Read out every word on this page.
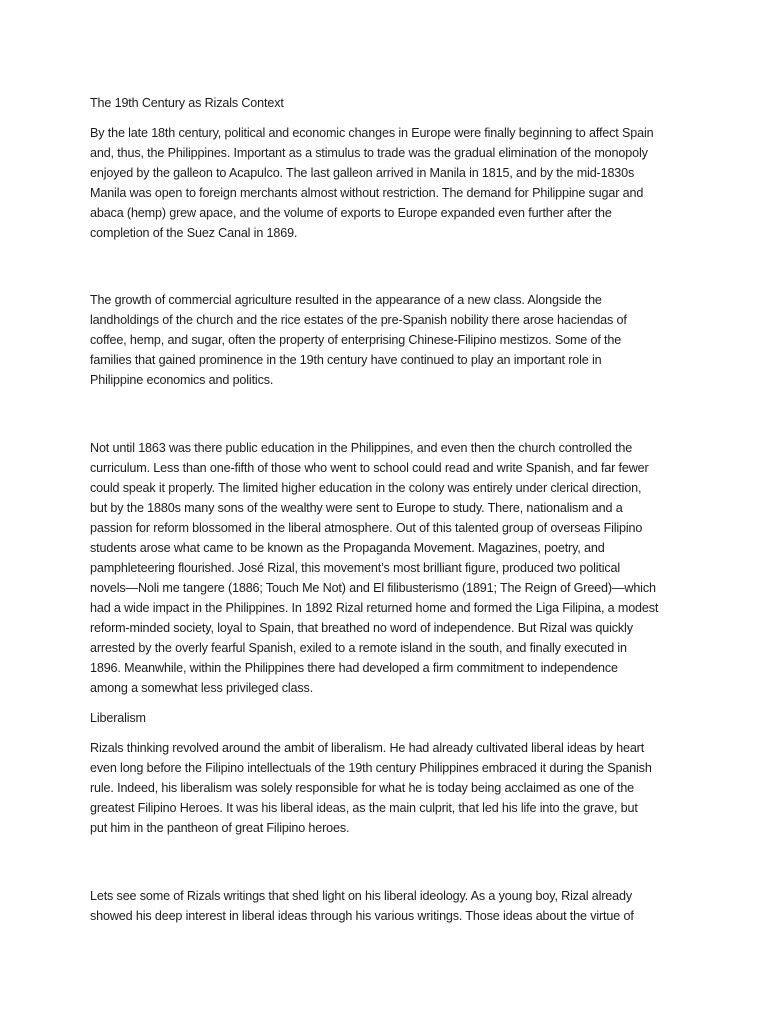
The 19th Century as Rizals Context

By the late 18th century, political and economic changes in Europe were finally beginning to affect Spain
and, thus, the Philippines. Important as a stimulus to trade was the gradual elimination of the monopoly
enjoyed by the galleon to Acapulco. The last galleon arrived in Manila in 1815, and by the mid-1830s
Manila was open to foreign merchants almost without restriction. The demand for Philippine sugar and
abaca (hemp) grew apace, and the volume of exports to Europe expanded even further after the
completion of the Suez Canal in 1869.

The growth of commercial agriculture resulted in the appearance of a new class. Alongside the
landholdings of the church and the rice estates of the pre-Spanish nobility there arose haciendas of
coffee, hemp, and sugar, often the property of enterprising Chinese-Filipino mestizos. Some of the
families that gained prominence in the 19th century have continued to play an important role in
Philippine economics and politics.

Not until 1863 was there public education in the Philippines, and even then the church controlled the
curriculum. Less than one-fifth of those who went to school could read and write Spanish, and far fewer
could speak it properly. The limited higher education in the colony was entirely under clerical direction,
but by the 1880s many sons of the wealthy were sent to Europe to study. There, nationalism and a
passion for reform blossomed in the liberal atmosphere. Out of this talented group of overseas Filipino
students arose what came to be known as the Propaganda Movement. Magazines, poetry, and
pamphleteering flourished. José Rizal, this movement’s most brilliant figure, produced two political
novels—Noli me tangere (1886; Touch Me Not) and El filibusterismo (1891; The Reign of Greed)—which
had a wide impact in the Philippines. In 1892 Rizal returned home and formed the Liga Filipina, a modest
reform-minded society, loyal to Spain, that breathed no word of independence. But Rizal was quickly
arrested by the overly fearful Spanish, exiled to a remote island in the south, and finally executed in
1896. Meanwhile, within the Philippines there had developed a firm commitment to independence
among a somewhat less privileged class.

Liberalism

Rizals thinking revolved around the ambit of liberalism. He had already cultivated liberal ideas by heart
even long before the Filipino intellectuals of the 19th century Philippines embraced it during the Spanish
rule. Indeed, his liberalism was solely responsible for what he is today being acclaimed as one of the
greatest Filipino Heroes. It was his liberal ideas, as the main culprit, that led his life into the grave, but
put him in the pantheon of great Filipino heroes.

Lets see some of Rizals writings that shed light on his liberal ideology. As a young boy, Rizal already
showed his deep interest in liberal ideas through his various writings. Those ideas about the virtue of
